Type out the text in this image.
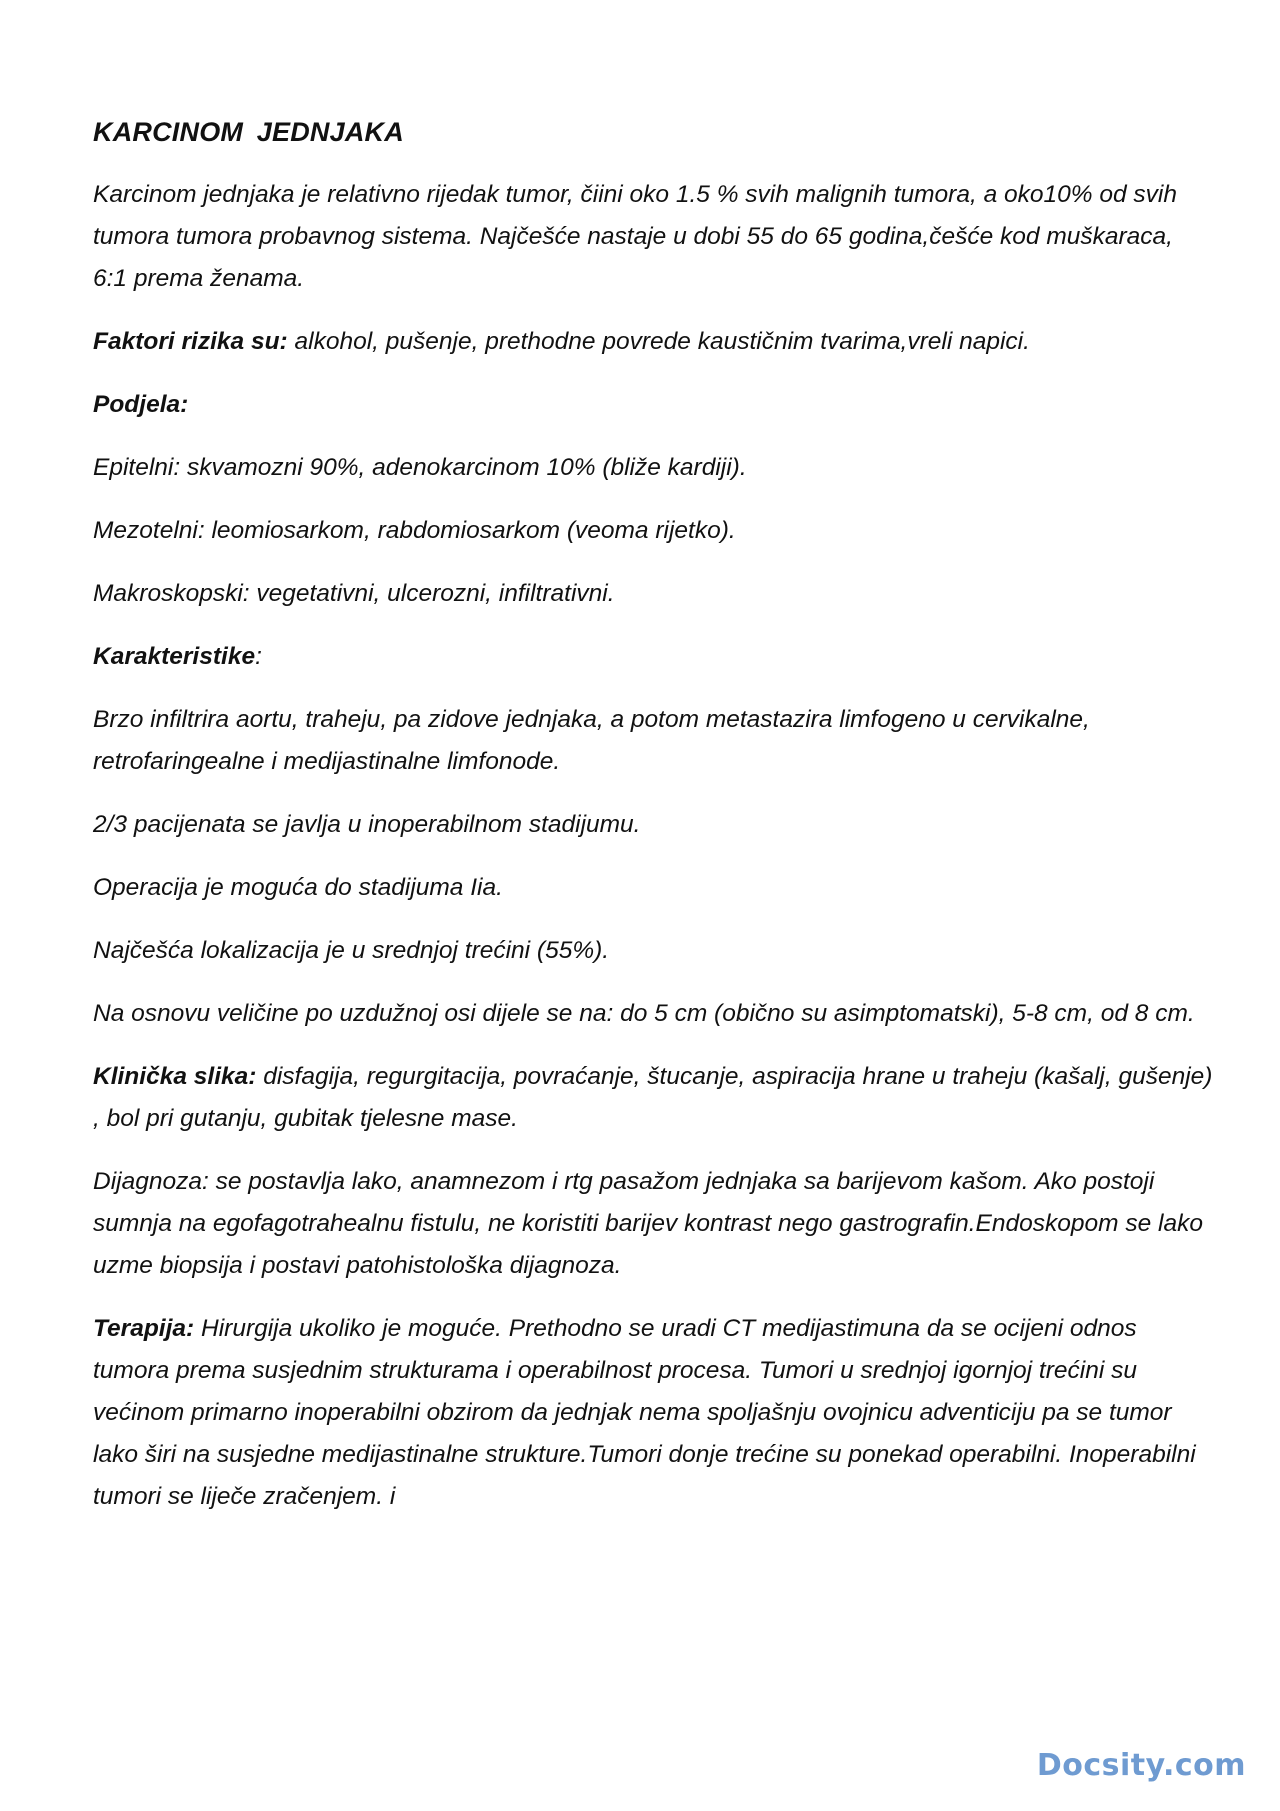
KARCINOM JEDNJAKA

Karcinom jednjaka je relativno rijedak tumor, čiini oko 1.5 % svih malignih tumora, a oko10% od svih tumora tumora probavnog sistema. Najčešće nastaje u dobi 55 do 65 godina,češće kod muškaraca, 6:1 prema ženama.

Faktori rizika su: alkohol, pušenje, prethodne povrede kaustičnim tvarima,vreli napici.

Podjela:

Epitelni: skvamozni 90%, adenokarcinom 10% (bliže kardiji).

Mezotelni: leomiosarkom, rabdomiosarkom (veoma rijetko).

Makroskopski: vegetativni, ulcerozni, infiltrativni.

Karakteristike:

Brzo infiltrira aortu, traheju, pa zidove jednjaka, a potom metastazira limfogeno u cervikalne, retrofaringealne i medijastinalne limfonode.

2/3 pacijenata se javlja u inoperabilnom stadijumu.

Operacija je moguća do stadijuma Iia.

Najčešća lokalizacija je u srednjoj trećini (55%).

Na osnovu veličine po uzdužnoj osi dijele se na: do 5 cm (obično su asimptomatski), 5-8 cm, od 8 cm.

Klinička slika: disfagija, regurgitacija, povraćanje, štucanje, aspiracija hrane u traheju (kašalj, gušenje) , bol pri gutanju, gubitak tjelesne mase.

Dijagnoza: se postavlja lako, anamnezom i rtg pasažom jednjaka sa barijevom kašom. Ako postoji sumnja na egofagotrahealnu fistulu, ne koristiti barijev kontrast nego gastrografin.Endoskopom se lako uzme biopsija i postavi patohistološka dijagnoza.

Terapija: Hirurgija ukoliko je moguće. Prethodno se uradi CT medijastimuna da se ocijeni odnos tumora prema susjednim strukturama i operabilnost procesa. Tumori u srednjoj igornjoj trećini su većinom primarno inoperabilni obzirom da jednjak nema spoljašnju ovojnicu adventiciju pa se tumor lako širi na susjedne medijastinalne strukture.Tumori donje trećine su ponekad operabilni. Inoperabilni tumori se liječe zračenjem. i

Docsity.com
